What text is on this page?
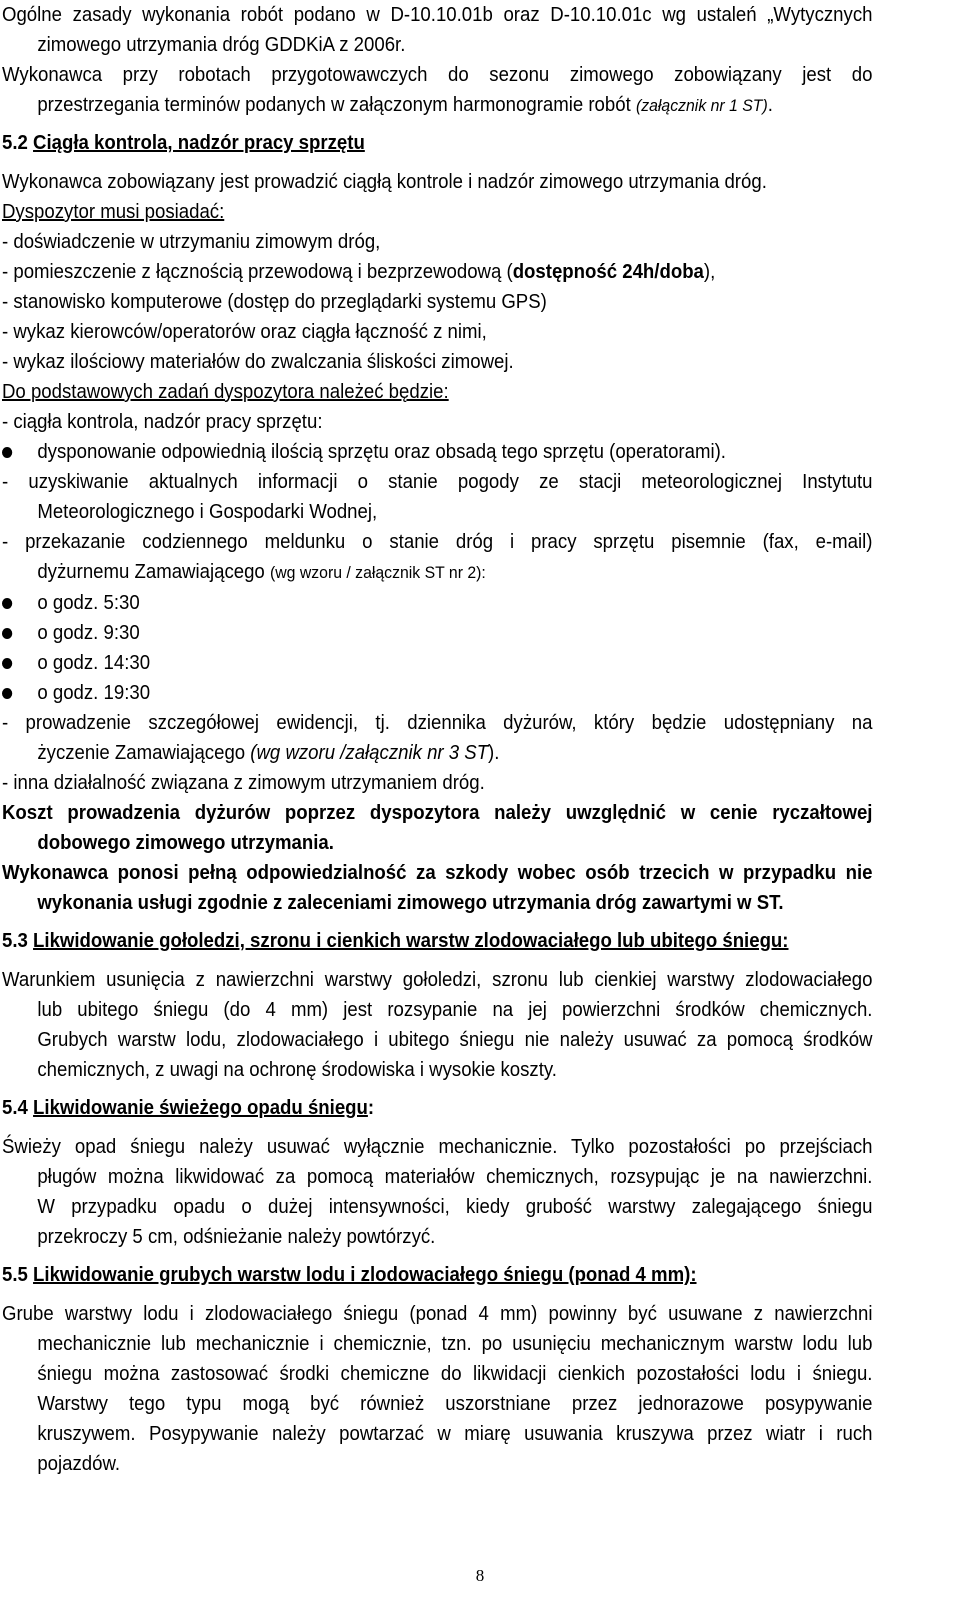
Ogólne zasady wykonania robót podano w D-10.10.01b oraz D-10.10.01c wg ustaleń „Wytycznych
zimowego utrzymania dróg GDDKiA z 2006r.
Wykonawca przy robotach przygotowawczych do sezonu zimowego zobowiązany jest do
przestrzegania terminów podanych w załączonym harmonogramie robót (załącznik nr 1 ST).
5.2 Ciągła kontrola, nadzór pracy sprzętu
Wykonawca zobowiązany jest prowadzić ciągłą kontrole i nadzór zimowego utrzymania dróg.
Dyspozytor musi posiadać:
- doświadczenie w utrzymaniu zimowym dróg,
- pomieszczenie z łącznością przewodową i bezprzewodową (dostępność 24h/doba),
- stanowisko komputerowe (dostęp do przeglądarki systemu GPS)
- wykaz kierowców/operatorów oraz ciągła łączność z nimi,
- wykaz ilościowy materiałów do zwalczania śliskości zimowej.
Do podstawowych zadań dyspozytora należeć będzie:
- ciągła kontrola, nadzór pracy sprzętu:
dysponowanie odpowiednią ilością sprzętu oraz obsadą tego sprzętu (operatorami).
- uzyskiwanie aktualnych informacji o stanie pogody ze stacji meteorologicznej Instytutu
Meteorologicznego i Gospodarki Wodnej,
- przekazanie codziennego meldunku o stanie dróg i pracy sprzętu pisemnie (fax, e-mail)
dyżurnemu Zamawiającego (wg wzoru / załącznik ST nr 2):
o godz. 5:30
o godz. 9:30
o godz. 14:30
o godz. 19:30
- prowadzenie szczegółowej ewidencji, tj. dziennika dyżurów, który będzie udostępniany na
życzenie Zamawiającego (wg wzoru /załącznik nr 3 ST).
- inna działalność związana z zimowym utrzymaniem dróg.
Koszt prowadzenia dyżurów poprzez dyspozytora należy uwzględnić w cenie ryczałtowej
dobowego zimowego utrzymania.
Wykonawca ponosi pełną odpowiedzialność za szkody wobec osób trzecich w przypadku nie
wykonania usługi zgodnie z zaleceniami zimowego utrzymania dróg zawartymi w ST.
5.3 Likwidowanie gołoledzi, szronu i cienkich warstw zlodowaciałego lub ubitego śniegu:
Warunkiem usunięcia z nawierzchni warstwy gołoledzi, szronu lub cienkiej warstwy zlodowaciałego
lub ubitego śniegu (do 4 mm) jest rozsypanie na jej powierzchni środków chemicznych.
Grubych warstw lodu, zlodowaciałego i ubitego śniegu nie należy usuwać za pomocą środków
chemicznych, z uwagi na ochronę środowiska i wysokie koszty.
5.4 Likwidowanie świeżego opadu śniegu:
Świeży opad śniegu należy usuwać wyłącznie mechanicznie. Tylko pozostałości po przejściach
pługów można likwidować za pomocą materiałów chemicznych, rozsypując je na nawierzchni.
W przypadku opadu o dużej intensywności, kiedy grubość warstwy zalegającego śniegu
przekroczy 5 cm, odśnieżanie należy powtórzyć.
5.5 Likwidowanie grubych warstw lodu i zlodowaciałego śniegu (ponad 4 mm):
Grube warstwy lodu i zlodowaciałego śniegu (ponad 4 mm) powinny być usuwane z nawierzchni
mechanicznie lub mechanicznie i chemicznie, tzn. po usunięciu mechanicznym warstw lodu lub
śniegu można zastosować środki chemiczne do likwidacji cienkich pozostałości lodu i śniegu.
Warstwy tego typu mogą być również uszorstniane przez jednorazowe posypywanie
kruszywem. Posypywanie należy powtarzać w miarę usuwania kruszywa przez wiatr i ruch
pojazdów.
8
